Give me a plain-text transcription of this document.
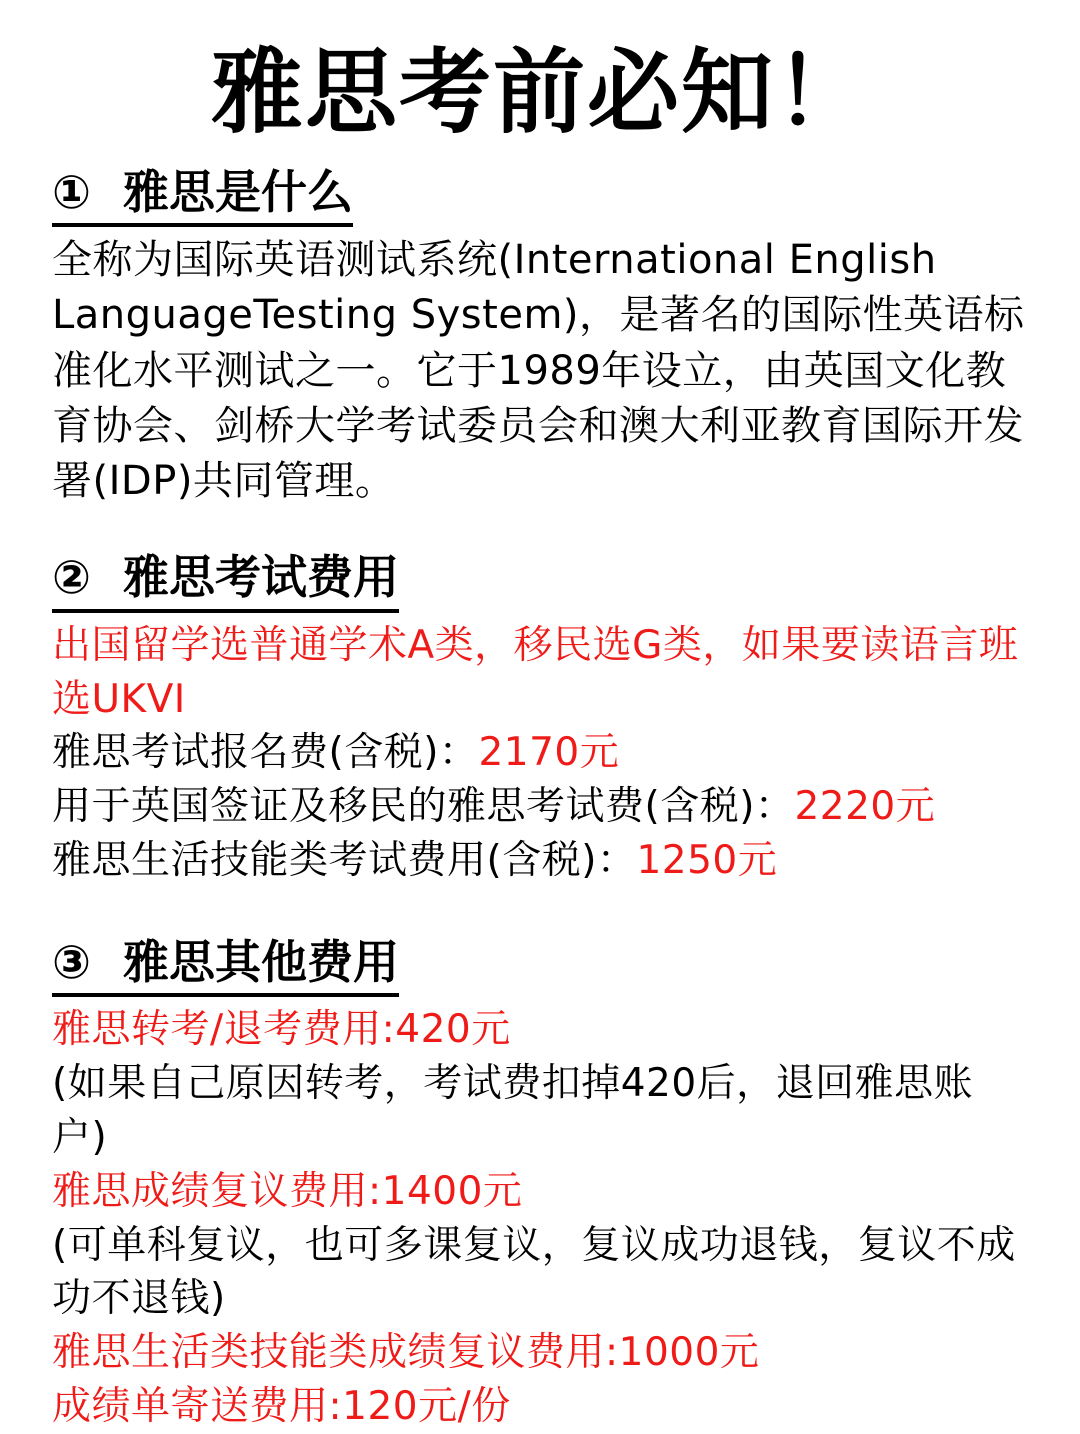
雅思考前必知！
①  雅思是什么
全称为国际英语测试系统(International English LanguageTesting System)，是著名的国际性英语标准化水平测试之一。它于1989年设立，由英国文化教育协会、剑桥大学考试委员会和澳大利亚教育国际开发署(IDP)共同管理。
②  雅思考试费用
出国留学选普通学术A类，移民选G类，如果要读语言班选UKVI
雅思考试报名费(含税)：2170元
用于英国签证及移民的雅思考试费(含税)：2220元
雅思生活技能类考试费用(含税)：1250元
③  雅思其他费用
雅思转考/退考费用:420元
(如果自己原因转考，考试费扣掉420后，退回雅思账户)
雅思成绩复议费用:1400元
(可单科复议，也可多课复议，复议成功退钱，复议不成功不退钱)
雅思生活类技能类成绩复议费用:1000元
成绩单寄送费用:120元/份
